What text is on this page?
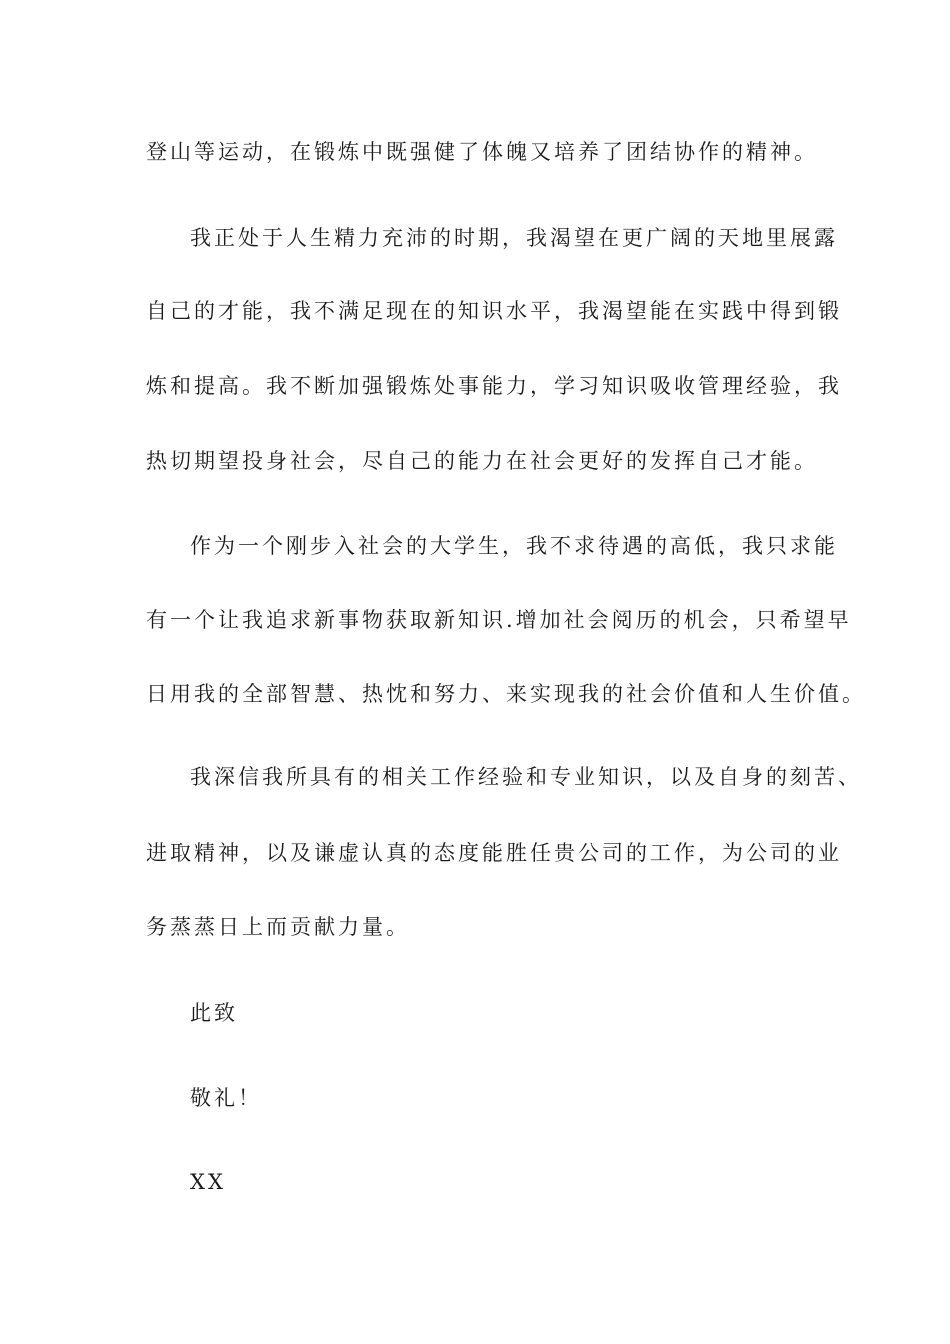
登山等运动，在锻炼中既强健了体魄又培养了团结协作的精神。
我正处于人生精力充沛的时期，我渴望在更广阔的天地里展露
自己的才能，我不满足现在的知识水平，我渴望能在实践中得到锻
炼和提高。我不断加强锻炼处事能力，学习知识吸收管理经验，我
热切期望投身社会，尽自己的能力在社会更好的发挥自己才能。
作为一个刚步入社会的大学生，我不求待遇的高低，我只求能
有一个让我追求新事物获取新知识.增加社会阅历的机会，只希望早
日用我的全部智慧、热忱和努力、来实现我的社会价值和人生价值。
我深信我所具有的相关工作经验和专业知识，以及自身的刻苦、
进取精神，以及谦虚认真的态度能胜任贵公司的工作，为公司的业
务蒸蒸日上而贡献力量。
此致
敬礼！
XX
